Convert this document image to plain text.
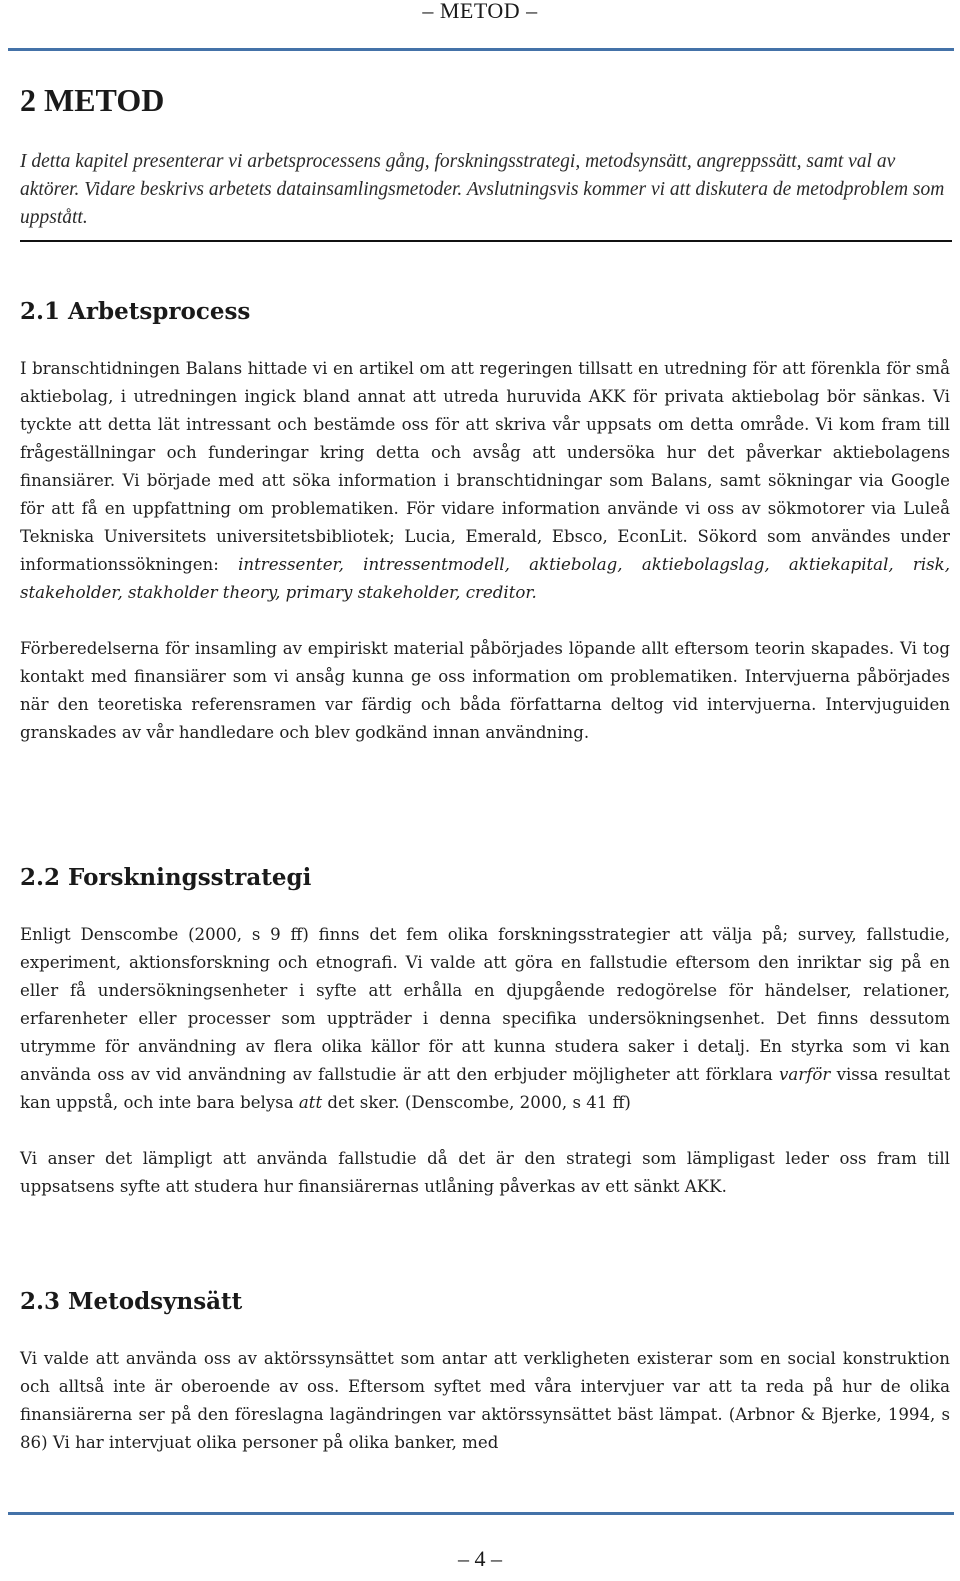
– METOD –
2 METOD

I detta kapitel presenterar vi arbetsprocessens gång, forskningsstrategi, metodsynsätt, angreppssätt, samt val av aktörer. Vidare beskrivs arbetets datainsamlingsmetoder. Avslutningsvis kommer vi att diskutera de metodproblem som uppstått.

2.1 Arbetsprocess

I branschtidningen Balans hittade vi en artikel om att regeringen tillsatt en utredning för att förenkla för små aktiebolag, i utredningen ingick bland annat att utreda huruvida AKK för privata aktiebolag bör sänkas. Vi tyckte att detta lät intressant och bestämde oss för att skriva vår uppsats om detta område. Vi kom fram till frågeställningar och funderingar kring detta och avsåg att undersöka hur det påverkar aktiebolagens finansiärer. Vi började med att söka information i branschtidningar som Balans, samt sökningar via Google för att få en uppfattning om problematiken. För vidare information använde vi oss av sökmotorer via Luleå Tekniska Universitets universitetsbibliotek; Lucia, Emerald, Ebsco, EconLit. Sökord som användes under informationssökningen: intressenter, intressentmodell, aktiebolag, aktiebolagslag, aktiekapital, risk, stakeholder, stakholder theory, primary stakeholder, creditor.

Förberedelserna för insamling av empiriskt material påbörjades löpande allt eftersom teorin skapades. Vi tog kontakt med finansiärer som vi ansåg kunna ge oss information om problematiken. Intervjuerna påbörjades när den teoretiska referensramen var färdig och båda författarna deltog vid intervjuerna. Intervjuguiden granskades av vår handledare och blev godkänd innan användning.

2.2 Forskningsstrategi

Enligt Denscombe (2000, s 9 ff) finns det fem olika forskningsstrategier att välja på; survey, fallstudie, experiment, aktionsforskning och etnografi. Vi valde att göra en fallstudie eftersom den inriktar sig på en eller få undersökningsenheter i syfte att erhålla en djupgående redogörelse för händelser, relationer, erfarenheter eller processer som uppträder i denna specifika undersökningsenhet. Det finns dessutom utrymme för användning av flera olika källor för att kunna studera saker i detalj. En styrka som vi kan använda oss av vid användning av fallstudie är att den erbjuder möjligheter att förklara varför vissa resultat kan uppstå, och inte bara belysa att det sker. (Denscombe, 2000, s 41 ff)

Vi anser det lämpligt att använda fallstudie då det är den strategi som lämpligast leder oss fram till uppsatsens syfte att studera hur finansiärernas utlåning påverkas av ett sänkt AKK.

2.3 Metodsynsätt

Vi valde att använda oss av aktörssynsättet som antar att verkligheten existerar som en social konstruktion och alltså inte är oberoende av oss. Eftersom syftet med våra intervjuer var att ta reda på hur de olika finansiärerna ser på den föreslagna lagändringen var aktörssynsättet bäst lämpat. (Arbnor & Bjerke, 1994, s 86) Vi har intervjuat olika personer på olika banker, med

– 4 –
